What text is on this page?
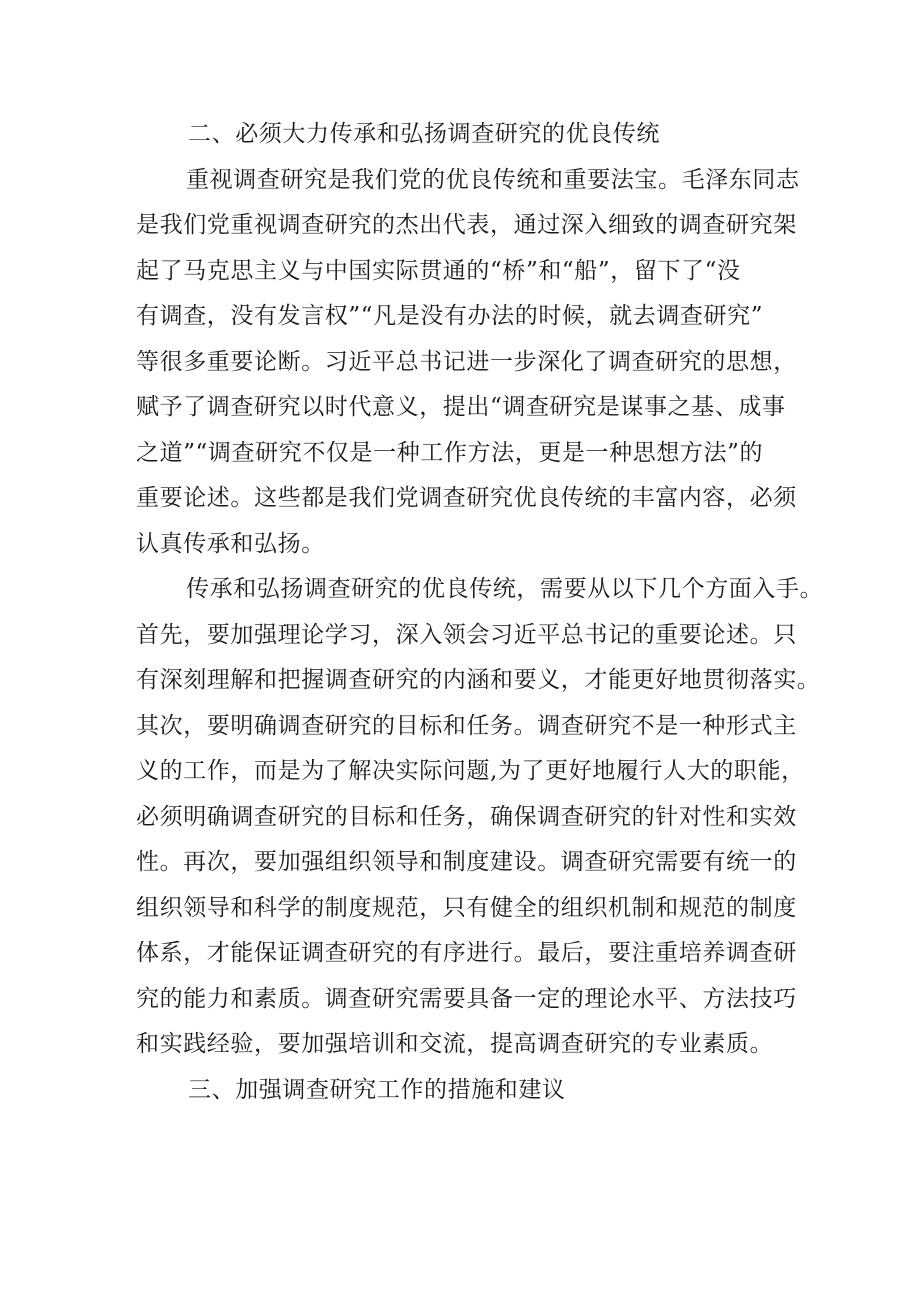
二、必须大力传承和弘扬调查研究的优良传统
重视调查研究是我们党的优良传统和重要法宝。毛泽东同志
是我们党重视调查研究的杰出代表，通过深入细致的调查研究架
起了马克思主义与中国实际贯通的“桥”和“船”，留下了“没
有调查，没有发言权”“凡是没有办法的时候，就去调查研究”
等很多重要论断。习近平总书记进一步深化了调查研究的思想，
赋予了调查研究以时代意义，提出“调查研究是谋事之基、成事
之道”“调查研究不仅是一种工作方法，更是一种思想方法”的
重要论述。这些都是我们党调查研究优良传统的丰富内容，必须
认真传承和弘扬。
传承和弘扬调查研究的优良传统，需要从以下几个方面入手。
首先，要加强理论学习，深入领会习近平总书记的重要论述。只
有深刻理解和把握调查研究的内涵和要义，才能更好地贯彻落实。
其次，要明确调查研究的目标和任务。调查研究不是一种形式主
义的工作，而是为了解决实际问题,为了更好地履行人大的职能，
必须明确调查研究的目标和任务，确保调查研究的针对性和实效
性。再次，要加强组织领导和制度建设。调查研究需要有统一的
组织领导和科学的制度规范，只有健全的组织机制和规范的制度
体系，才能保证调查研究的有序进行。最后，要注重培养调查研
究的能力和素质。调查研究需要具备一定的理论水平、方法技巧
和实践经验，要加强培训和交流，提高调查研究的专业素质。
三、加强调查研究工作的措施和建议
